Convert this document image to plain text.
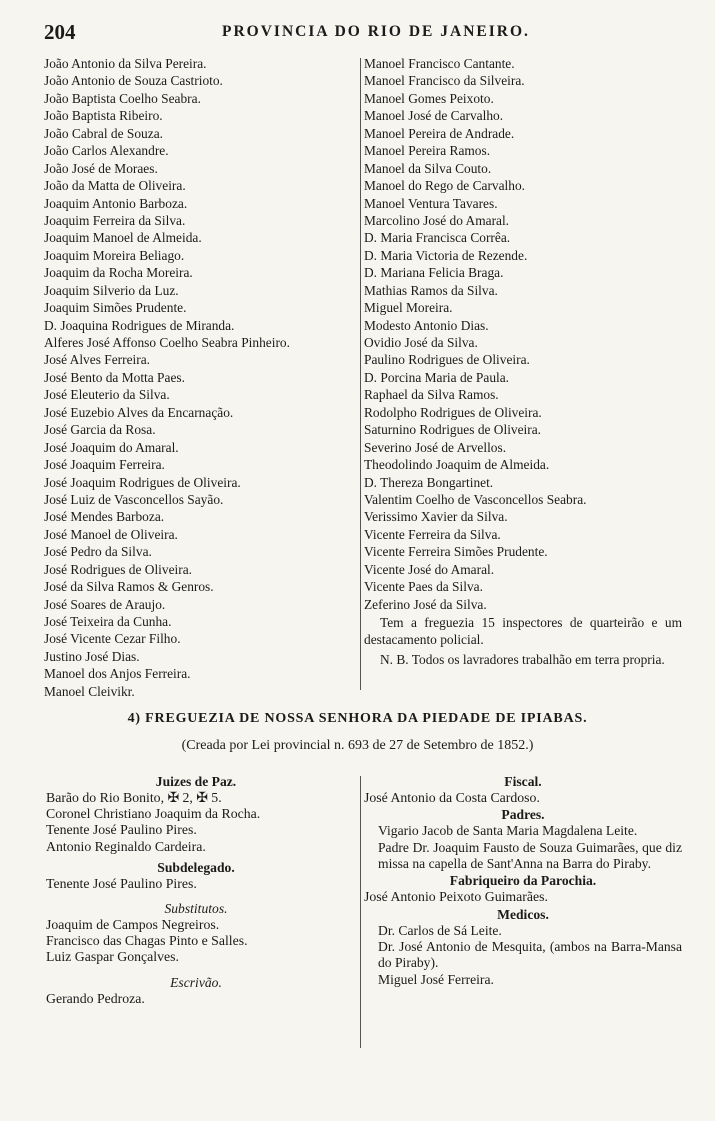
204	PROVINCIA DO RIO DE JANEIRO.
João Antonio da Silva Pereira.
João Antonio de Souza Castrioto.
João Baptista Coelho Seabra.
João Baptista Ribeiro.
João Cabral de Souza.
João Carlos Alexandre.
João José de Moraes.
João da Matta de Oliveira.
Joaquim Antonio Barboza.
Joaquim Ferreira da Silva.
Joaquim Manoel de Almeida.
Joaquim Moreira Beliago.
Joaquim da Rocha Moreira.
Joaquim Silverio da Luz.
Joaquim Simões Prudente.
D. Joaquina Rodrigues de Miranda.
Alferes José Affonso Coelho Seabra Pinheiro.
José Alves Ferreira.
José Bento da Motta Paes.
José Eleuterio da Silva.
José Euzebio Alves da Encarnação.
José Garcia da Rosa.
José Joaquim do Amaral.
José Joaquim Ferreira.
José Joaquim Rodrigues de Oliveira.
José Luiz de Vasconcellos Sayão.
José Mendes Barboza.
José Manoel de Oliveira.
José Pedro da Silva.
José Rodrigues de Oliveira.
José da Silva Ramos & Genros.
José Soares de Araujo.
José Teixeira da Cunha.
José Vicente Cezar Filho.
Justino José Dias.
Manoel dos Anjos Ferreira.
Manoel Cleivikr.
Manoel Francisco Cantante.
Manoel Francisco da Silveira.
Manoel Gomes Peixoto.
Manoel José de Carvalho.
Manoel Pereira de Andrade.
Manoel Pereira Ramos.
Manoel da Silva Couto.
Manoel do Rego de Carvalho.
Manoel Ventura Tavares.
Marcolino José do Amaral.
D. Maria Francisca Corrêa.
D. Maria Victoria de Rezende.
D. Mariana Felicia Braga.
Mathias Ramos da Silva.
Miguel Moreira.
Modesto Antonio Dias.
Ovidio José da Silva.
Paulino Rodrigues de Oliveira.
D. Porcina Maria de Paula.
Raphael da Silva Ramos.
Rodolpho Rodrigues de Oliveira.
Saturnino Rodrigues de Oliveira.
Severino José de Arvellos.
Theodolindo Joaquim de Almeida.
D. Thereza Bongartinet.
Valentim Coelho de Vasconcellos Seabra.
Verissimo Xavier da Silva.
Vicente Ferreira da Silva.
Vicente Ferreira Simões Prudente.
Vicente José do Amaral.
Vicente Paes da Silva.
Zeferino José da Silva.

Tem a freguezia 15 inspectores de quarteirão e um destacamento policial.

N. B. Todos os lavradores trabalhão em terra propria.

4) FREGUEZIA DE NOSSA SENHORA DA PIEDADE DE IPIABAS.
(Creada por Lei provincial n. 693 de 27 de Setembro de 1852.)
Juizes de Paz.
Barão do Rio Bonito, ✠ 2, ✠ 5.
Coronel Christiano Joaquim da Rocha.
Tenente José Paulino Pires.
Antonio Reginaldo Cardeira.
Subdelegado.
Tenente José Paulino Pires.
Substitutos.
Joaquim de Campos Negreiros.
Francisco das Chagas Pinto e Salles.
Luiz Gaspar Gonçalves.
Escrivão.
Gerando Pedroza.
Fiscal.
José Antonio da Costa Cardoso.
Padres.
Vigario Jacob de Santa Maria Magdalena Leite.
Padre Dr. Joaquim Fausto de Souza Guimarães, que diz missa na capella de Sant'Anna na Barra do Piraby.
Fabriqueiro da Parochia.
José Antonio Peixoto Guimarães.
Medicos.
Dr. Carlos de Sá Leite.
Dr. José Antonio de Mesquita, (ambos na Barra-Mansa do Piraby).
Miguel José Ferreira.
